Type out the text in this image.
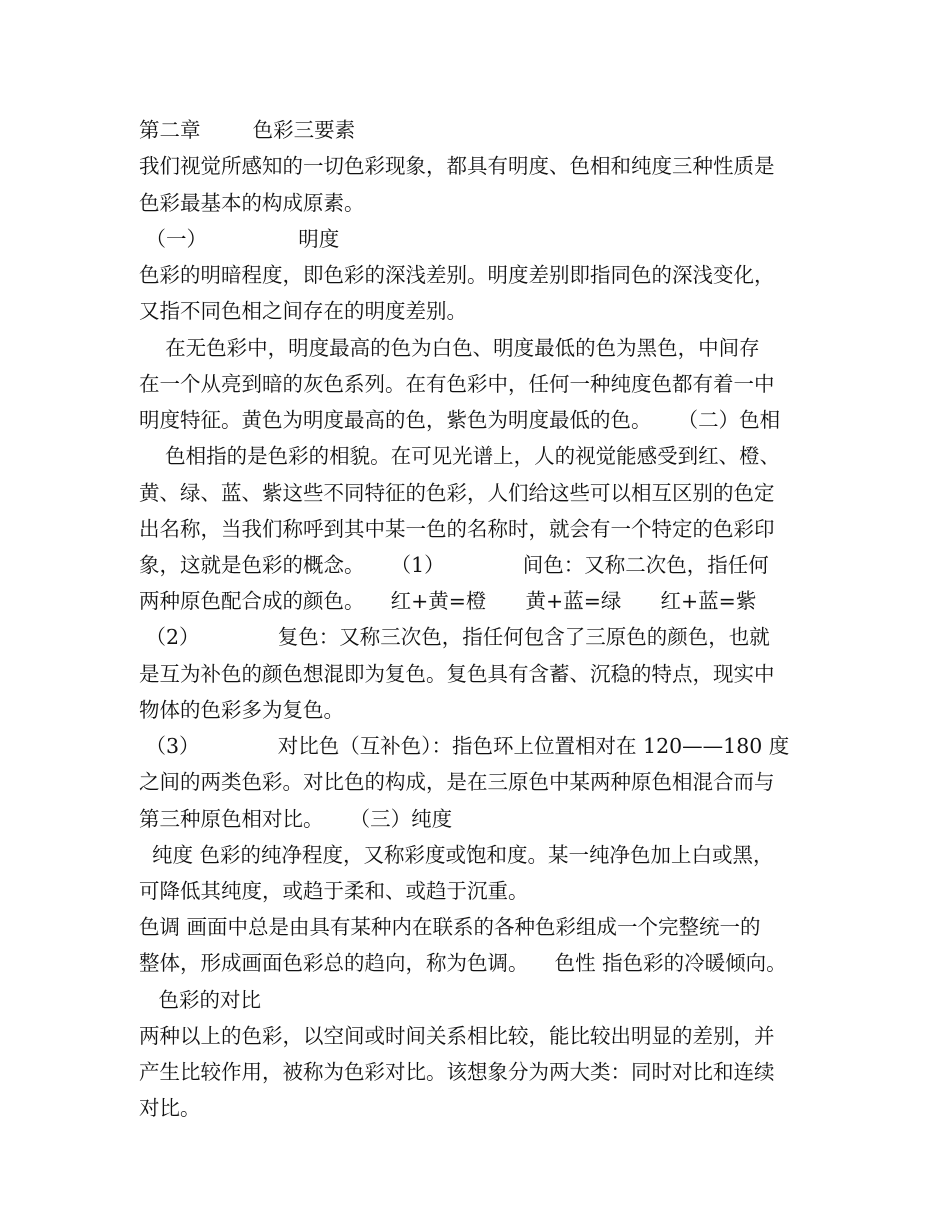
第二章        色彩三要素
我们视觉所感知的一切色彩现象，都具有明度、色相和纯度三种性质是
色彩最基本的构成原素。
（一）              明度
色彩的明暗程度，即色彩的深浅差别。明度差别即指同色的深浅变化，
又指不同色相之间存在的明度差别。
在无色彩中，明度最高的色为白色、明度最低的色为黑色，中间存
在一个从亮到暗的灰色系列。在有色彩中，任何一种纯度色都有着一中
明度特征。黄色为明度最高的色，紫色为明度最低的色。    （二）色相
色相指的是色彩的相貌。在可见光谱上，人的视觉能感受到红、橙、
黄、绿、蓝、紫这些不同特征的色彩，人们给这些可以相互区别的色定
出名称，当我们称呼到其中某一色的名称时，就会有一个特定的色彩印
象，这就是色彩的概念。    （1）            间色：又称二次色，指任何
两种原色配合成的颜色。    红+黄=橙      黄+蓝=绿      红+蓝=紫
（2）            复色：又称三次色，指任何包含了三原色的颜色，也就
是互为补色的颜色想混即为复色。复色具有含蓄、沉稳的特点，现实中
物体的色彩多为复色。
（3）            对比色（互补色）：指色环上位置相对在 120——180 度
之间的两类色彩。对比色的构成，是在三原色中某两种原色相混合而与
第三种原色相对比。    （三）纯度
纯度 色彩的纯净程度，又称彩度或饱和度。某一纯净色加上白或黑，
可降低其纯度，或趋于柔和、或趋于沉重。
色调 画面中总是由具有某种内在联系的各种色彩组成一个完整统一的
整体，形成画面色彩总的趋向，称为色调。    色性 指色彩的冷暖倾向。
色彩的对比
两种以上的色彩，以空间或时间关系相比较，能比较出明显的差别，并
产生比较作用，被称为色彩对比。该想象分为两大类：同时对比和连续
对比。
